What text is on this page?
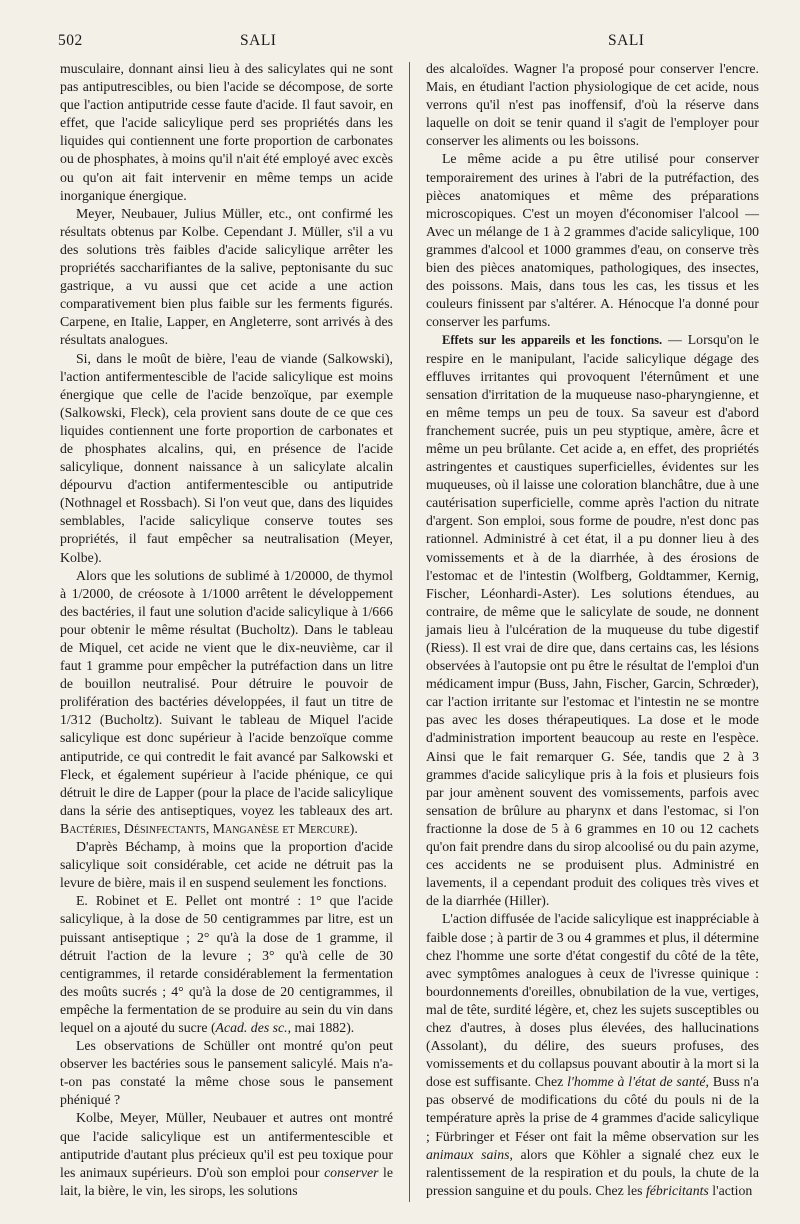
502	SALI	SALI

musculaire, donnant ainsi lieu à des salicylates qui ne sont pas antiputrescibles, ou bien l'acide se décompose, de sorte que l'action antiputride cesse faute d'acide. Il faut savoir, en effet, que l'acide salicylique perd ses propriétés dans les liquides qui contiennent une forte proportion de carbonates ou de phosphates, à moins qu'il n'ait été employé avec excès ou qu'on ait fait intervenir en même temps un acide inorganique énergique.

Meyer, Neubauer, Julius Müller, etc., ont confirmé les résultats obtenus par Kolbe. Cependant J. Müller, s'il a vu des solutions très faibles d'acide salicylique arrêter les propriétés saccharifiantes de la salive, peptonisante du suc gastrique, a vu aussi que cet acide a une action comparativement bien plus faible sur les ferments figurés. Carpene, en Italie, Lapper, en Angleterre, sont arrivés à des résultats analogues.

Si, dans le moût de bière, l'eau de viande (Salkowski), l'action antifermentescible de l'acide salicylique est moins énergique que celle de l'acide benzoïque, par exemple (Salkowski, Fleck), cela provient sans doute de ce que ces liquides contiennent une forte proportion de carbonates et de phosphates alcalins, qui, en présence de l'acide salicylique, donnent naissance à un salicylate alcalin dépourvu d'action antifermentescible ou antiputride (Nothnagel et Rossbach). Si l'on veut que, dans des liquides semblables, l'acide salicylique conserve toutes ses propriétés, il faut empêcher sa neutralisation (Meyer, Kolbe).

Alors que les solutions de sublimé à 1/20000, de thymol à 1/2000, de créosote à 1/1000 arrêtent le développement des bactéries, il faut une solution d'acide salicylique à 1/666 pour obtenir le même résultat (Bucholtz). Dans le tableau de Miquel, cet acide ne vient que le dix-neuvième, car il faut 1 gramme pour empêcher la putréfaction dans un litre de bouillon neutralisé. Pour détruire le pouvoir de prolifération des bactéries développées, il faut un titre de 1/312 (Bucholtz). Suivant le tableau de Miquel l'acide salicylique est donc supérieur à l'acide benzoïque comme antiputride, ce qui contredit le fait avancé par Salkowski et Fleck, et également supérieur à l'acide phénique, ce qui détruit le dire de Lapper (pour la place de l'acide salicylique dans la série des antiseptiques, voyez les tableaux des art. Bactéries, Désinfectants, Manganèse et Mercure).

D'après Béchamp, à moins que la proportion d'acide salicylique soit considérable, cet acide ne détruit pas la levure de bière, mais il en suspend seulement les fonctions.

E. Robinet et E. Pellet ont montré : 1° que l'acide salicylique, à la dose de 50 centigrammes par litre, est un puissant antiseptique ; 2° qu'à la dose de 1 gramme, il détruit l'action de la levure ; 3° qu'à celle de 30 centigrammes, il retarde considérablement la fermentation des moûts sucrés ; 4° qu'à la dose de 20 centigrammes, il empêche la fermentation de se produire au sein du vin dans lequel on a ajouté du sucre (Acad. des sc., mai 1882).

Les observations de Schüller ont montré qu'on peut observer les bactéries sous le pansement salicylé. Mais n'a-t-on pas constaté la même chose sous le pansement phéniqué ?

Kolbe, Meyer, Müller, Neubauer et autres ont montré que l'acide salicylique est un antifermentescible et antiputride d'autant plus précieux qu'il est peu toxique pour les animaux supérieurs. D'où son emploi pour conserver le lait, la bière, le vin, les sirops, les solutions

des alcaloïdes. Wagner l'a proposé pour conserver l'encre. Mais, en étudiant l'action physiologique de cet acide, nous verrons qu'il n'est pas inoffensif, d'où la réserve dans laquelle on doit se tenir quand il s'agit de l'employer pour conserver les aliments ou les boissons.

Le même acide a pu être utilisé pour conserver temporairement des urines à l'abri de la putréfaction, des pièces anatomiques et même des préparations microscopiques. C'est un moyen d'économiser l'alcool — Avec un mélange de 1 à 2 grammes d'acide salicylique, 100 grammes d'alcool et 1000 grammes d'eau, on conserve très bien des pièces anatomiques, pathologiques, des insectes, des poissons. Mais, dans tous les cas, les tissus et les couleurs finissent par s'altérer. A. Hénocque l'a donné pour conserver les parfums.

Effets sur les appareils et les fonctions. — Lorsqu'on le respire en le manipulant, l'acide salicylique dégage des effluves irritantes qui provoquent l'éternûment et une sensation d'irritation de la muqueuse naso-pharyngienne, et en même temps un peu de toux. Sa saveur est d'abord franchement sucrée, puis un peu styptique, amère, âcre et même un peu brûlante. Cet acide a, en effet, des propriétés astringentes et caustiques superficielles, évidentes sur les muqueuses, où il laisse une coloration blanchâtre, due à une cautérisation superficielle, comme après l'action du nitrate d'argent. Son emploi, sous forme de poudre, n'est donc pas rationnel. Administré à cet état, il a pu donner lieu à des vomissements et à de la diarrhée, à des érosions de l'estomac et de l'intestin (Wolfberg, Goldtammer, Kernig, Fischer, Léonhardi-Aster). Les solutions étendues, au contraire, de même que le salicylate de soude, ne donnent jamais lieu à l'ulcération de la muqueuse du tube digestif (Riess). Il est vrai de dire que, dans certains cas, les lésions observées à l'autopsie ont pu être le résultat de l'emploi d'un médicament impur (Buss, Jahn, Fischer, Garcin, Schrœder), car l'action irritante sur l'estomac et l'intestin ne se montre pas avec les doses thérapeutiques. La dose et le mode d'administration importent beaucoup au reste en l'espèce. Ainsi que le fait remarquer G. Sée, tandis que 2 à 3 grammes d'acide salicylique pris à la fois et plusieurs fois par jour amènent souvent des vomissements, parfois avec sensation de brûlure au pharynx et dans l'estomac, si l'on fractionne la dose de 5 à 6 grammes en 10 ou 12 cachets qu'on fait prendre dans du sirop alcoolisé ou du pain azyme, ces accidents ne se produisent plus. Administré en lavements, il a cependant produit des coliques très vives et de la diarrhée (Hiller).

L'action diffusée de l'acide salicylique est inappréciable à faible dose ; à partir de 3 ou 4 grammes et plus, il détermine chez l'homme une sorte d'état congestif du côté de la tête, avec symptômes analogues à ceux de l'ivresse quinique : bourdonnements d'oreilles, obnubilation de la vue, vertiges, mal de tête, surdité légère, et, chez les sujets susceptibles ou chez d'autres, à doses plus élevées, des hallucinations (Assolant), du délire, des sueurs profuses, des vomissements et du collapsus pouvant aboutir à la mort si la dose est suffisante. Chez l'homme à l'état de santé, Buss n'a pas observé de modifications du côté du pouls ni de la température après la prise de 4 grammes d'acide salicylique ; Fürbringer et Féser ont fait la même observation sur les animaux sains, alors que Köhler a signalé chez eux le ralentissement de la respiration et du pouls, la chute de la pression sanguine et du pouls. Chez les fébricitants l'action
